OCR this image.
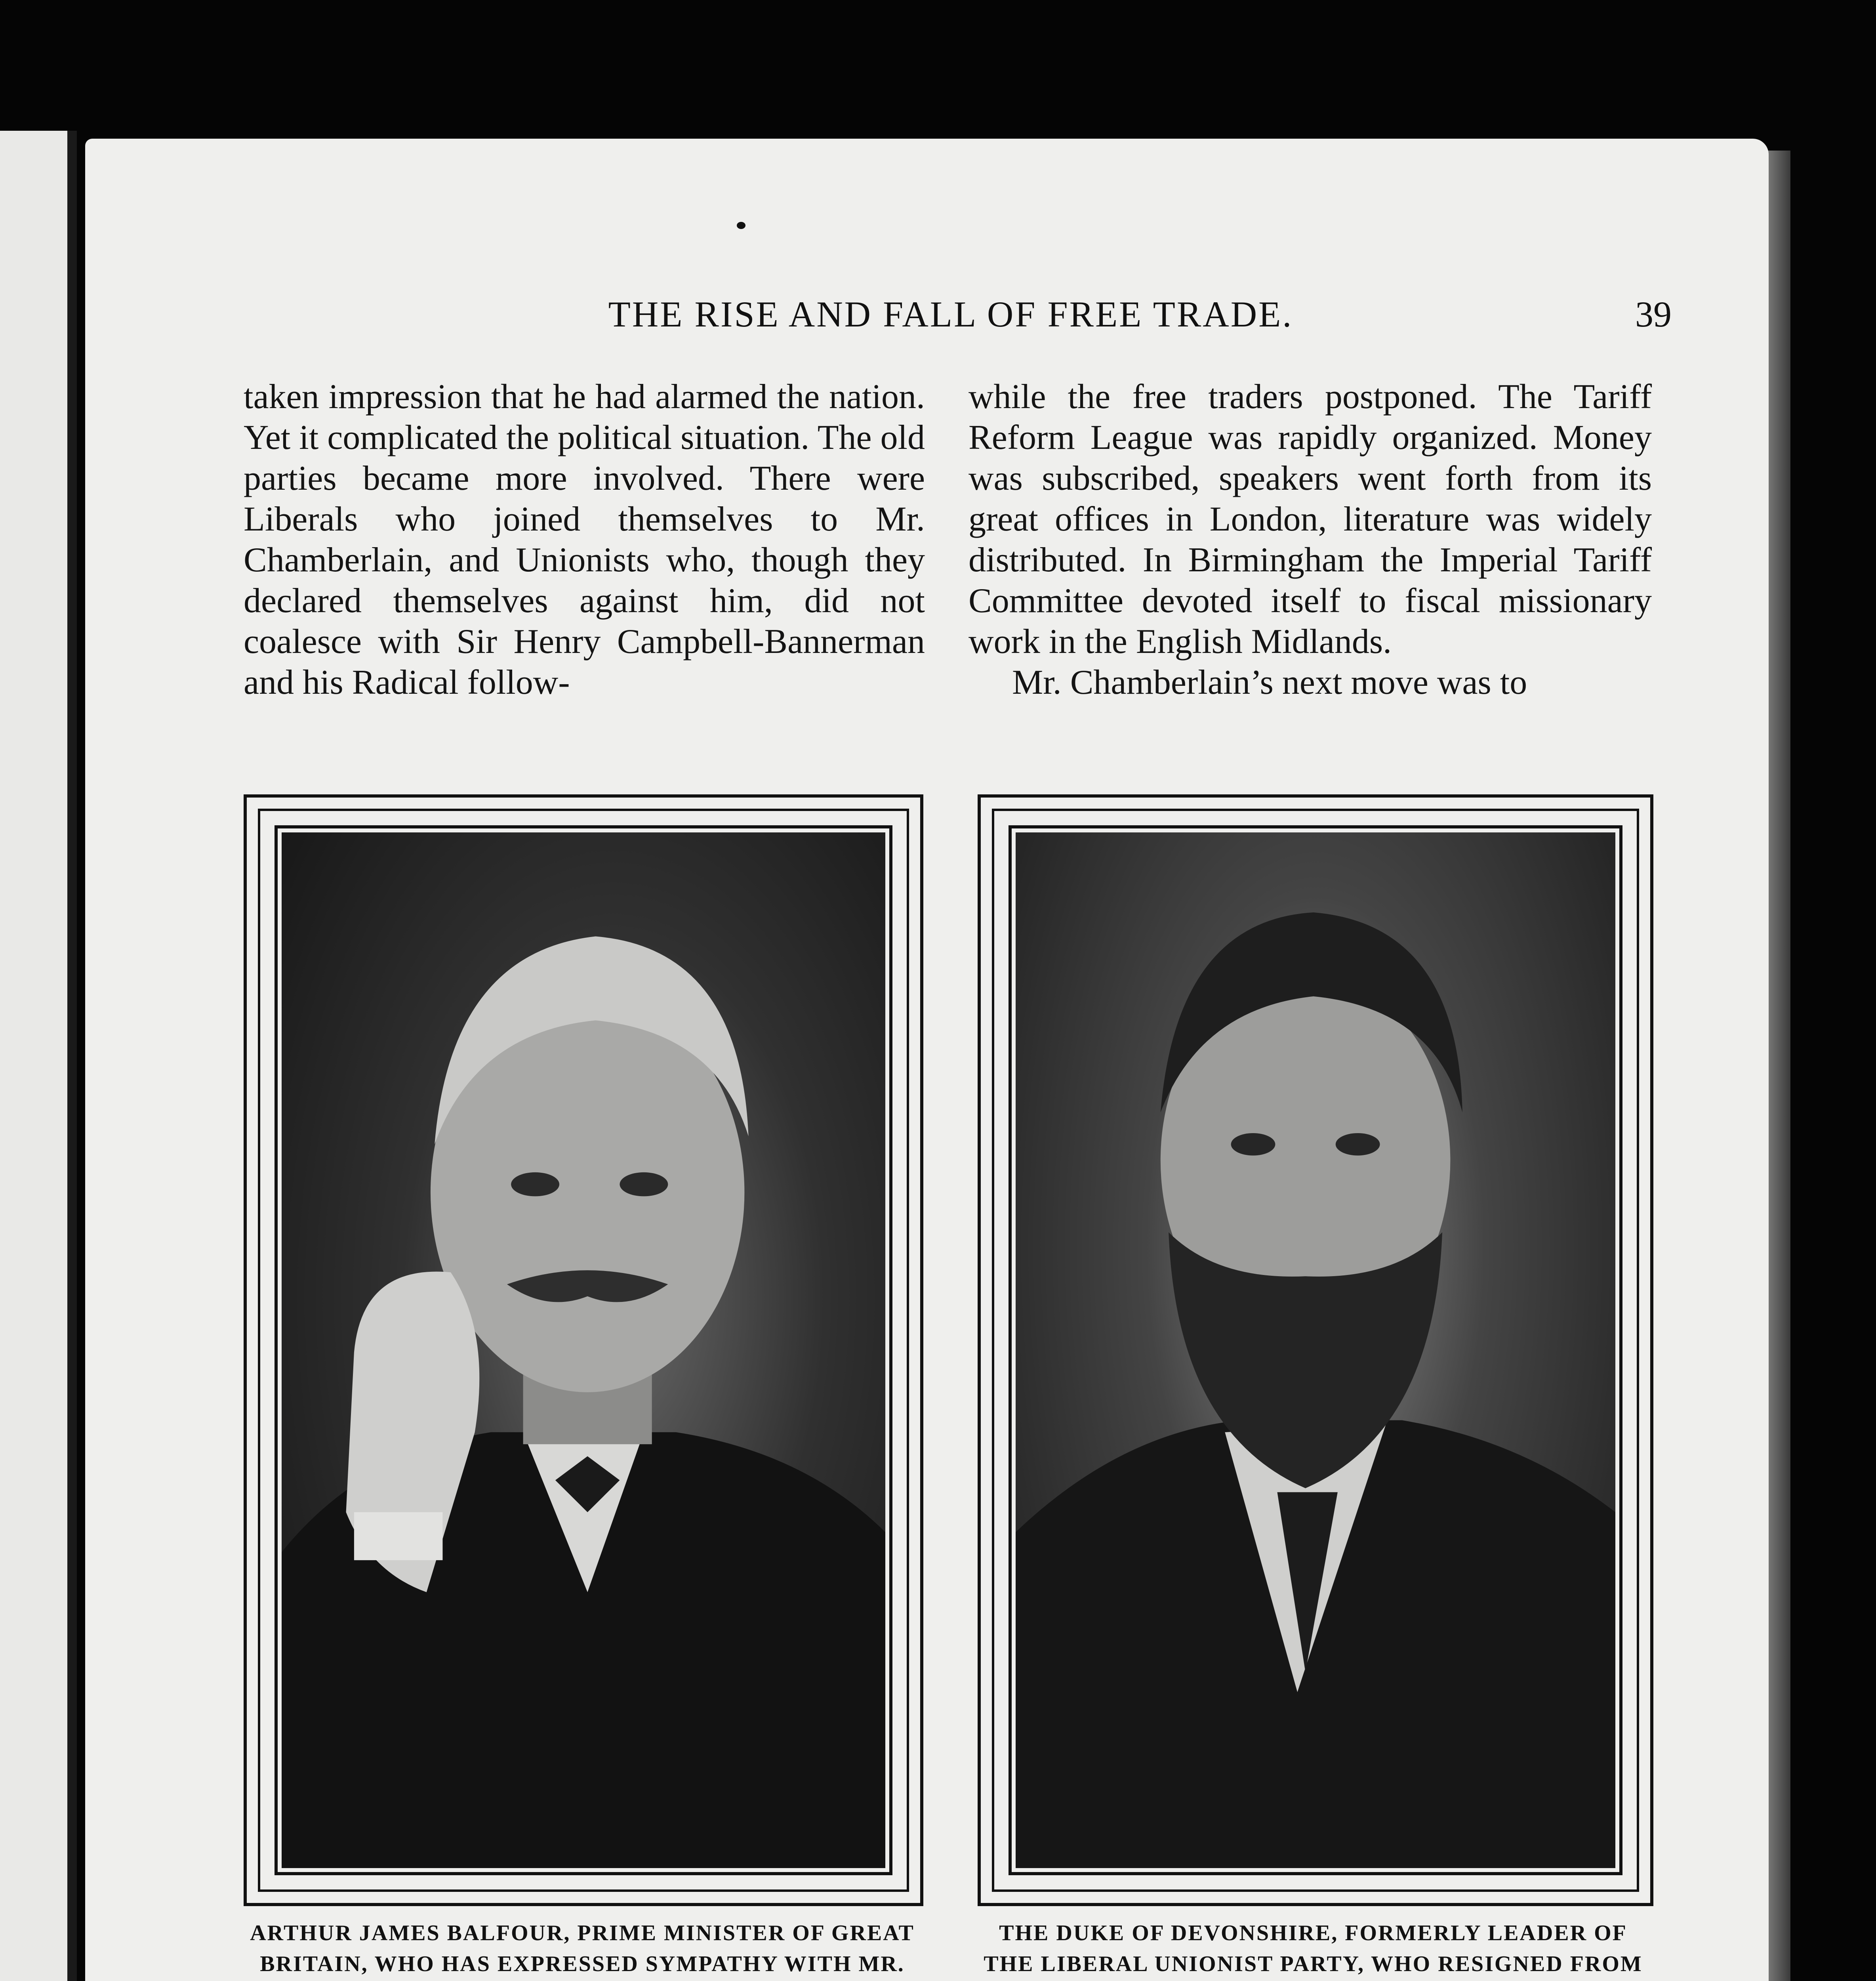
THE RISE AND FALL OF FREE TRADE.	39

taken impression that he had alarmed the nation. Yet it complicated the political situation. The old parties became more involved. There were Liberals who joined themselves to Mr. Chamberlain, and Unionists who, though they declared themselves against him, did not coalesce with Sir Henry Campbell-Bannerman and his Radical follow-

while the free traders postponed. The Tariff Reform League was rapidly organized. Money was subscribed, speakers went forth from its great offices in London, literature was widely distributed. In Birmingham the Imperial Tariff Committee devoted itself to fiscal missionary work in the English Midlands.

Mr. Chamberlain’s next move was to

ARTHUR JAMES BALFOUR, PRIME MINISTER OF GREAT BRITAIN, WHO HAS EXPRESSED SYMPATHY WITH MR.
THE DUKE OF DEVONSHIRE, FORMERLY LEADER OF THE LIBERAL UNIONIST PARTY, WHO RESIGNED FROM
